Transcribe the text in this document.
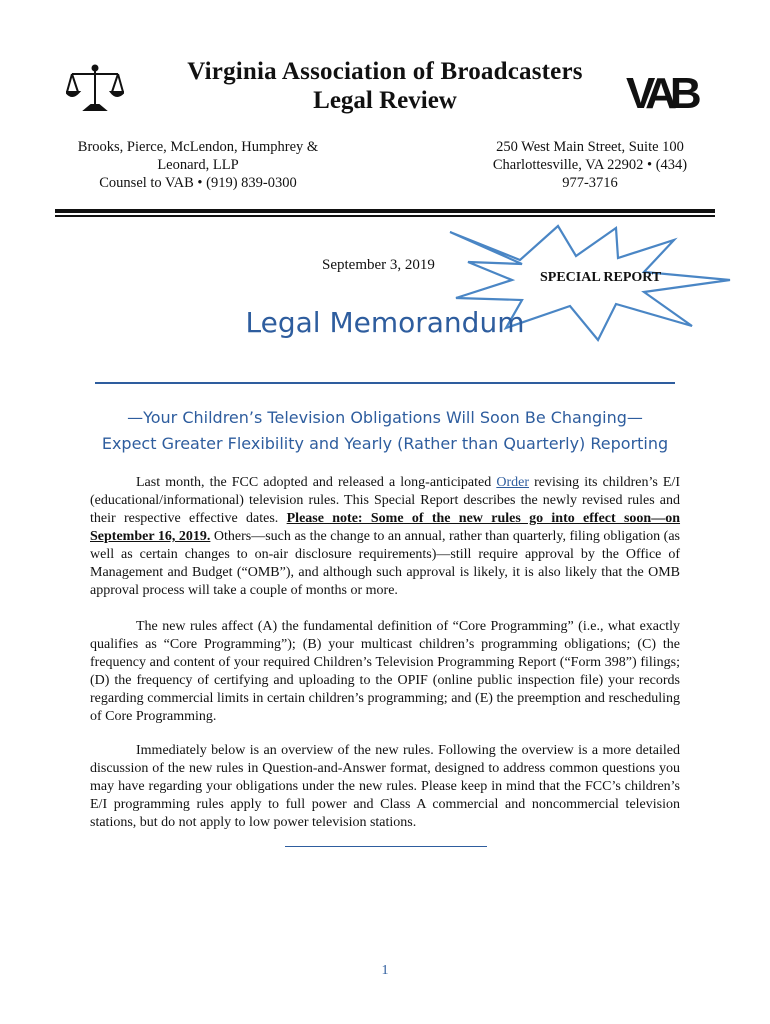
Virginia Association of Broadcasters
Legal Review	VAB
Brooks, Pierce, McLendon, Humphrey &
Leonard, LLP
Counsel to VAB • (919) 839-0300
250 West Main Street, Suite 100
Charlottesville, VA 22902 • (434)
977-3716
September 3, 2019
SPECIAL REPORT
Legal Memorandum
—Your Children’s Television Obligations Will Soon Be Changing—
Expect Greater Flexibility and Yearly (Rather than Quarterly) Reporting

Last month, the FCC adopted and released a long-anticipated Order revising its children’s E/I (educational/informational) television rules. This Special Report describes the newly revised rules and their respective effective dates. Please note: Some of the new rules go into effect soon—on September 16, 2019. Others—such as the change to an annual, rather than quarterly, filing obligation (as well as certain changes to on-air disclosure requirements)—still require approval by the Office of Management and Budget (“OMB”), and although such approval is likely, it is also likely that the OMB approval process will take a couple of months or more.

The new rules affect (A) the fundamental definition of “Core Programming” (i.e., what exactly qualifies as “Core Programming”); (B) your multicast children’s programming obligations; (C) the frequency and content of your required Children’s Television Programming Report (“Form 398”) filings; (D) the frequency of certifying and uploading to the OPIF (online public inspection file) your records regarding commercial limits in certain children’s programming; and (E) the preemption and rescheduling of Core Programming.

Immediately below is an overview of the new rules. Following the overview is a more detailed discussion of the new rules in Question-and-Answer format, designed to address common questions you may have regarding your obligations under the new rules. Please keep in mind that the FCC’s children’s E/I programming rules apply to full power and Class A commercial and noncommercial television stations, but do not apply to low power television stations.

1
